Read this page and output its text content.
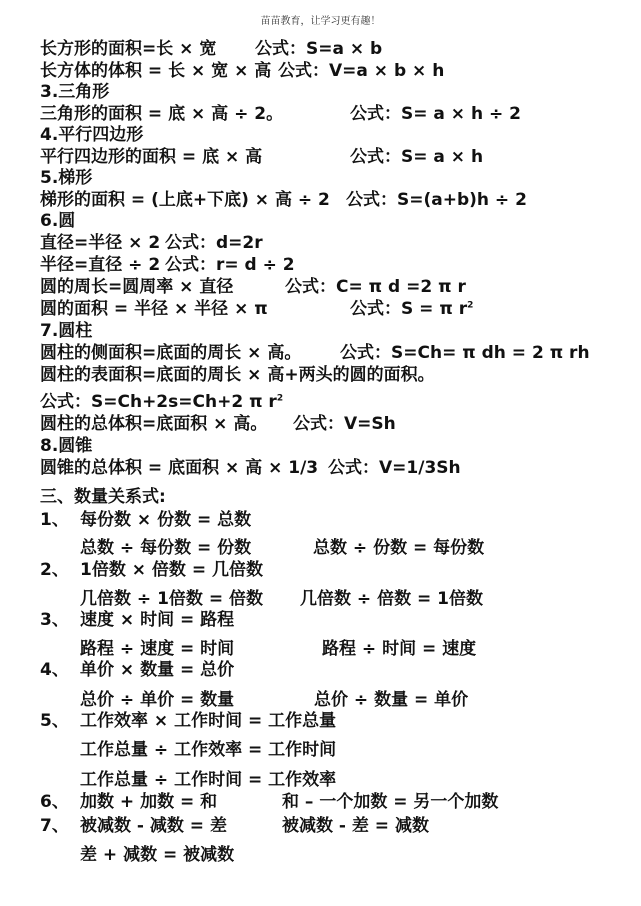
苗苗教育，让学习更有趣！
长方形的面积=长 × 宽 公式：S=a × b
长方体的体积 = 长 × 宽 × 高 公式：V=a × b × h
3.三角形
三角形的面积 = 底 × 高 ÷ 2。	公式：S= a × h ÷ 2
4.平行四边形
平行四边形的面积 = 底 × 高	公式：S= a × h
5.梯形
梯形的面积 = (上底+下底) × 高 ÷ 2 公式：S=(a+b)h ÷ 2
6.圆
直径=半径 × 2 公式：d=2r
半径=直径 ÷ 2 公式：r= d ÷ 2
圆的周长=圆周率 × 直径	公式：C= π d =2 π r
圆的面积 = 半径 × 半径 × π	公式：S = π $r^2$
7.圆柱
圆柱的侧面积=底面的周长 × 高。 公式：S=Ch= π dh = 2 π rh
圆柱的表面积=底面的周长 × 高+两头的圆的面积。
公式：S=Ch+2s=Ch+2 π $r^2$
圆柱的总体积=底面积 × 高。 公式：V=Sh
8.圆锥
圆锥的总体积 = 底面积 × 高 × 1/3 公式：V=1/3Sh
三、数量关系式:
1、 每份数 × 份数 = 总数
总数 ÷ 每份数 = 份数	总数 ÷ 份数 = 每份数
2、 1倍数 × 倍数 = 几倍数
几倍数 ÷ 1倍数 = 倍数 几倍数 ÷ 倍数 = 1倍数
3、 速度 × 时间 = 路程
路程 ÷ 速度 = 时间	路程 ÷ 时间 = 速度
4、 单价 × 数量 = 总价
总价 ÷ 单价 = 数量	总价 ÷ 数量 = 单价
5、 工作效率 × 工作时间 = 工作总量
工作总量 ÷ 工作效率 = 工作时间
工作总量 ÷ 工作时间 = 工作效率
6、 加数 + 加数 = 和	和 – 一个加数 = 另一个加数
7、 被减数 - 减数 = 差	被减数 - 差 = 减数
差 + 减数 = 被减数
